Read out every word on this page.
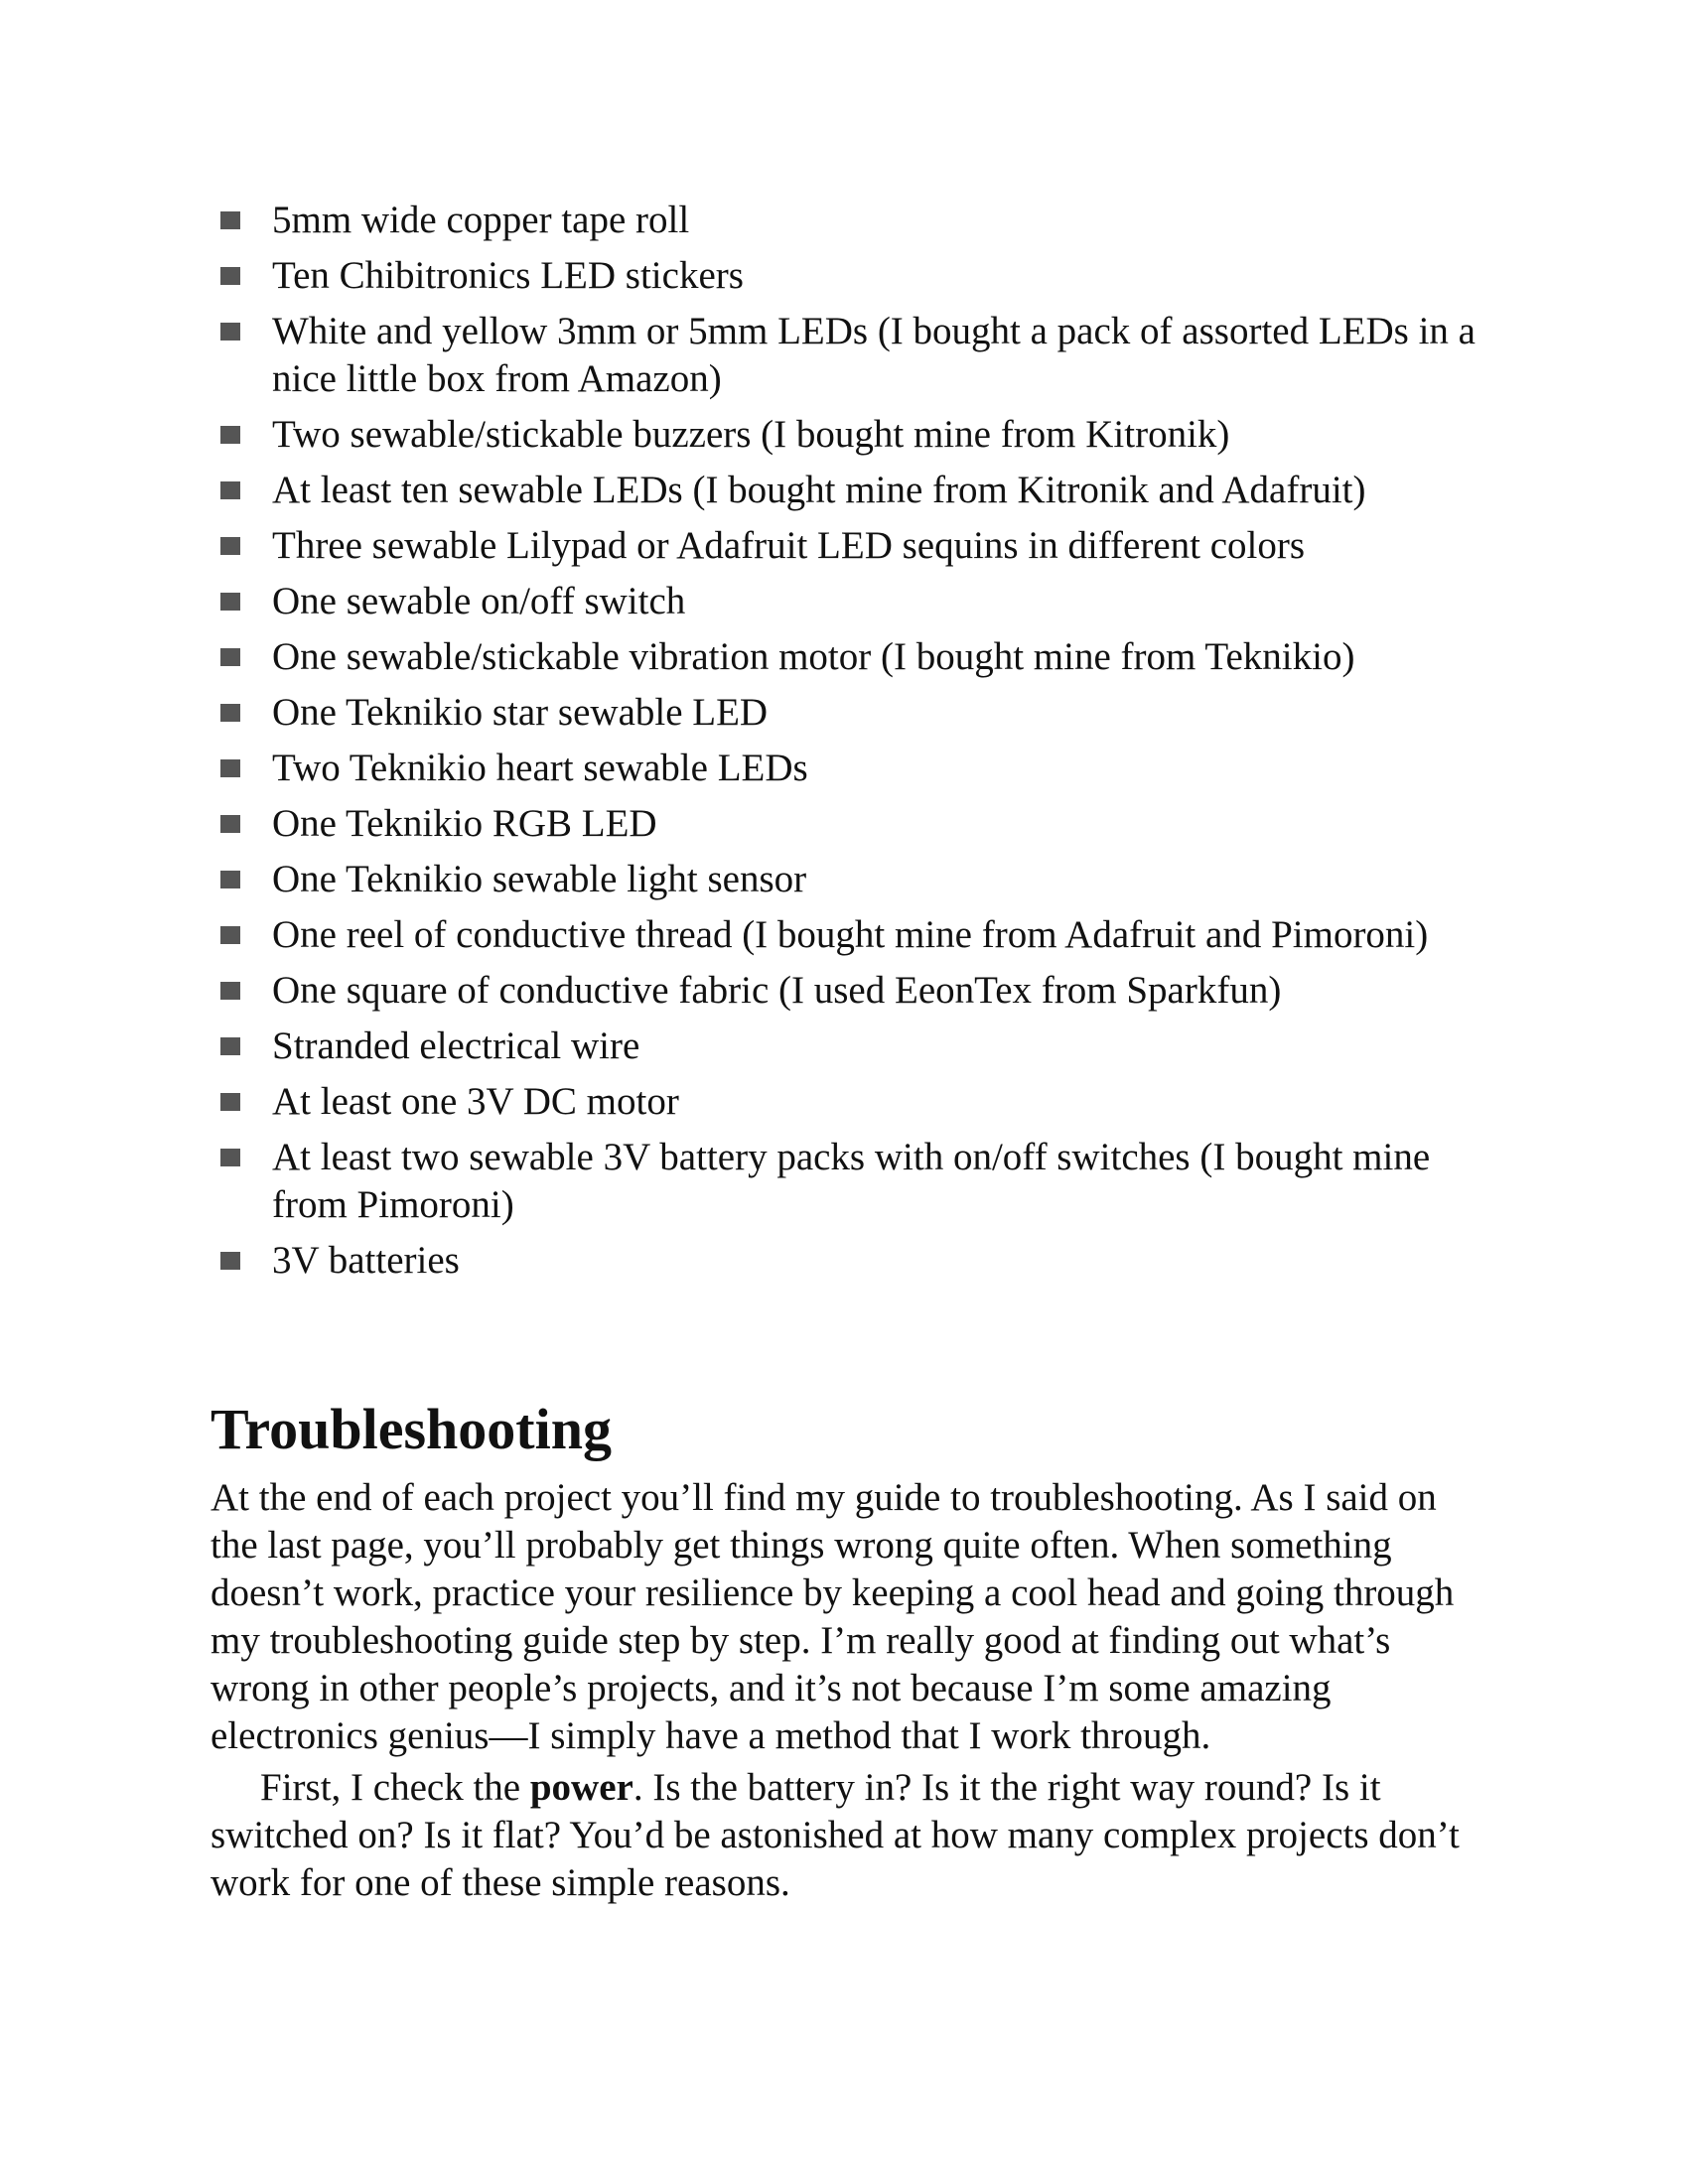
5mm wide copper tape roll
Ten Chibitronics LED stickers
White and yellow 3mm or 5mm LEDs (I bought a pack of assorted LEDs in a nice little box from Amazon)
Two sewable/stickable buzzers (I bought mine from Kitronik)
At least ten sewable LEDs (I bought mine from Kitronik and Adafruit)
Three sewable Lilypad or Adafruit LED sequins in different colors
One sewable on/off switch
One sewable/stickable vibration motor (I bought mine from Teknikio)
One Teknikio star sewable LED
Two Teknikio heart sewable LEDs
One Teknikio RGB LED
One Teknikio sewable light sensor
One reel of conductive thread (I bought mine from Adafruit and Pimoroni)
One square of conductive fabric (I used EeonTex from Sparkfun)
Stranded electrical wire
At least one 3V DC motor
At least two sewable 3V battery packs with on/off switches (I bought mine from Pimoroni)
3V batteries
Troubleshooting

At the end of each project you’ll find my guide to troubleshooting. As I said on the last page, you’ll probably get things wrong quite often. When something doesn’t work, practice your resilience by keeping a cool head and going through my troubleshooting guide step by step. I’m really good at finding out what’s wrong in other people’s projects, and it’s not because I’m some amazing electronics genius—I simply have a method that I work through.

First, I check the power. Is the battery in? Is it the right way round? Is it switched on? Is it flat? You’d be astonished at how many complex projects don’t work for one of these simple reasons.
